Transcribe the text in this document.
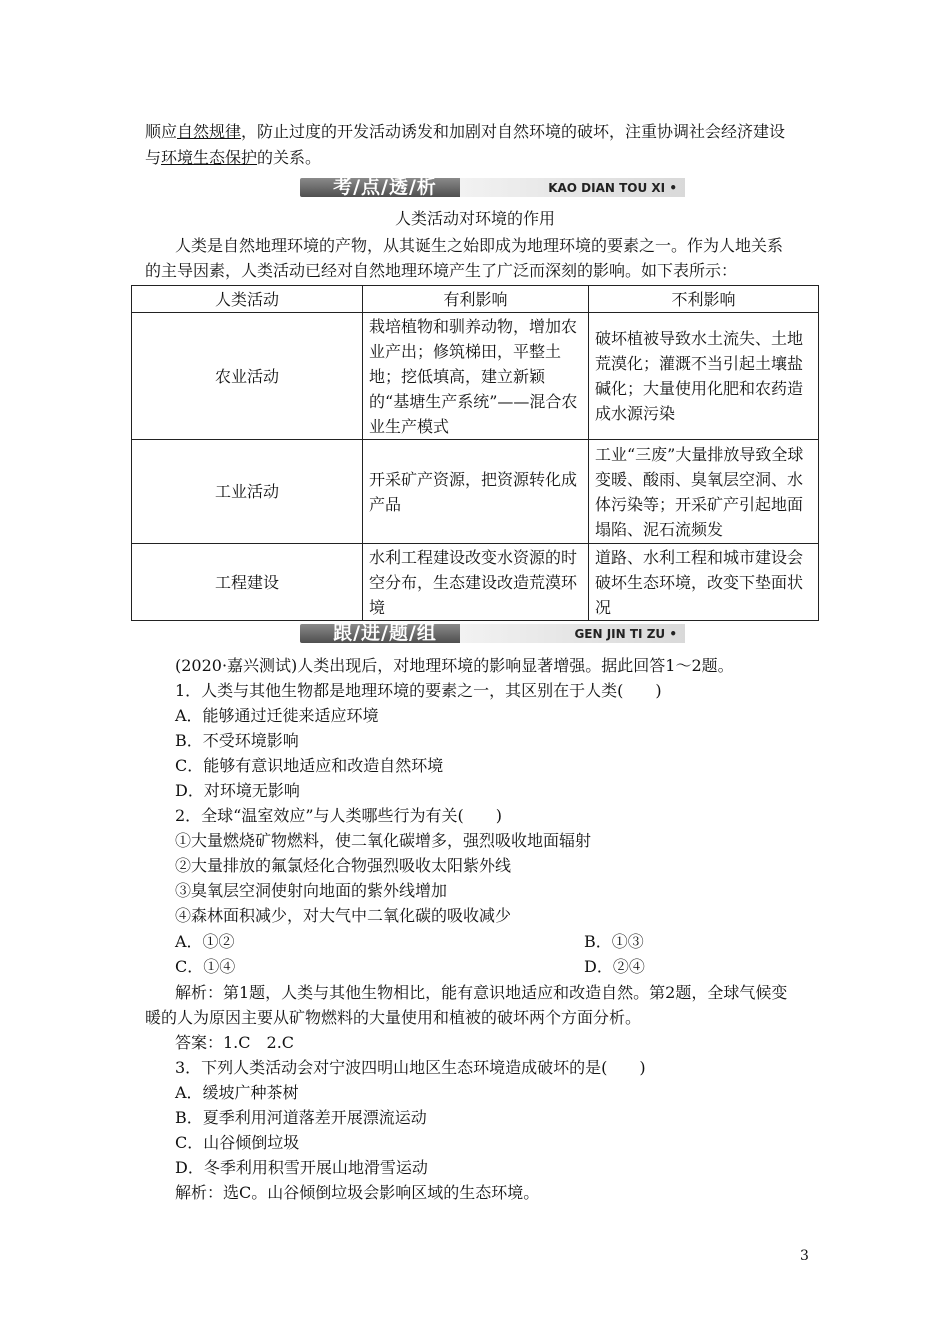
顺应自然规律，防止过度的开发活动诱发和加剧对自然环境的破坏，注重协调社会经济建设
与环境生态保护的关系。
考/点/透/析	KAO DIAN TOU XI •
人类活动对环境的作用
人类是自然地理环境的产物，从其诞生之始即成为地理环境的要素之一。作为人地关系
的主导因素，人类活动已经对自然地理环境产生了广泛而深刻的影响。如下表所示：
人类活动	有利影响	不利影响
农业活动	栽培植物和驯养动物，增加农业产出；修筑梯田，平整土地；挖低填高，建立新颖的“基塘生产系统”——混合农业生产模式	破坏植被导致水土流失、土地荒漠化；灌溉不当引起土壤盐碱化；大量使用化肥和农药造成水源污染
工业活动	开采矿产资源，把资源转化成产品	工业“三废”大量排放导致全球变暖、酸雨、臭氧层空洞、水体污染等；开采矿产引起地面塌陷、泥石流频发
工程建设	水利工程建设改变水资源的时空分布，生态建设改造荒漠环境	道路、水利工程和城市建设会破坏生态环境，改变下垫面状况
跟/进/题/组	GEN JIN TI ZU •
(2020·嘉兴测试)人类出现后，对地理环境的影响显著增强。据此回答1～2题。
1．人类与其他生物都是地理环境的要素之一，其区别在于人类(　　)
A．能够通过迁徙来适应环境
B．不受环境影响
C．能够有意识地适应和改造自然环境
D．对环境无影响
2．全球“温室效应”与人类哪些行为有关(　　)
①大量燃烧矿物燃料，使二氧化碳增多，强烈吸收地面辐射
②大量排放的氟氯烃化合物强烈吸收太阳紫外线
③臭氧层空洞使射向地面的紫外线增加
④森林面积减少，对大气中二氧化碳的吸收减少
A．①②	B．①③
C．①④	D．②④
解析：第1题，人类与其他生物相比，能有意识地适应和改造自然。第2题，全球气候变
暖的人为原因主要从矿物燃料的大量使用和植被的破坏两个方面分析。
答案：1.C　2.C
3．下列人类活动会对宁波四明山地区生态环境造成破坏的是(　　)
A．缓坡广种茶树
B．夏季利用河道落差开展漂流运动
C．山谷倾倒垃圾
D．冬季利用积雪开展山地滑雪运动
解析：选C。山谷倾倒垃圾会影响区域的生态环境。
3
